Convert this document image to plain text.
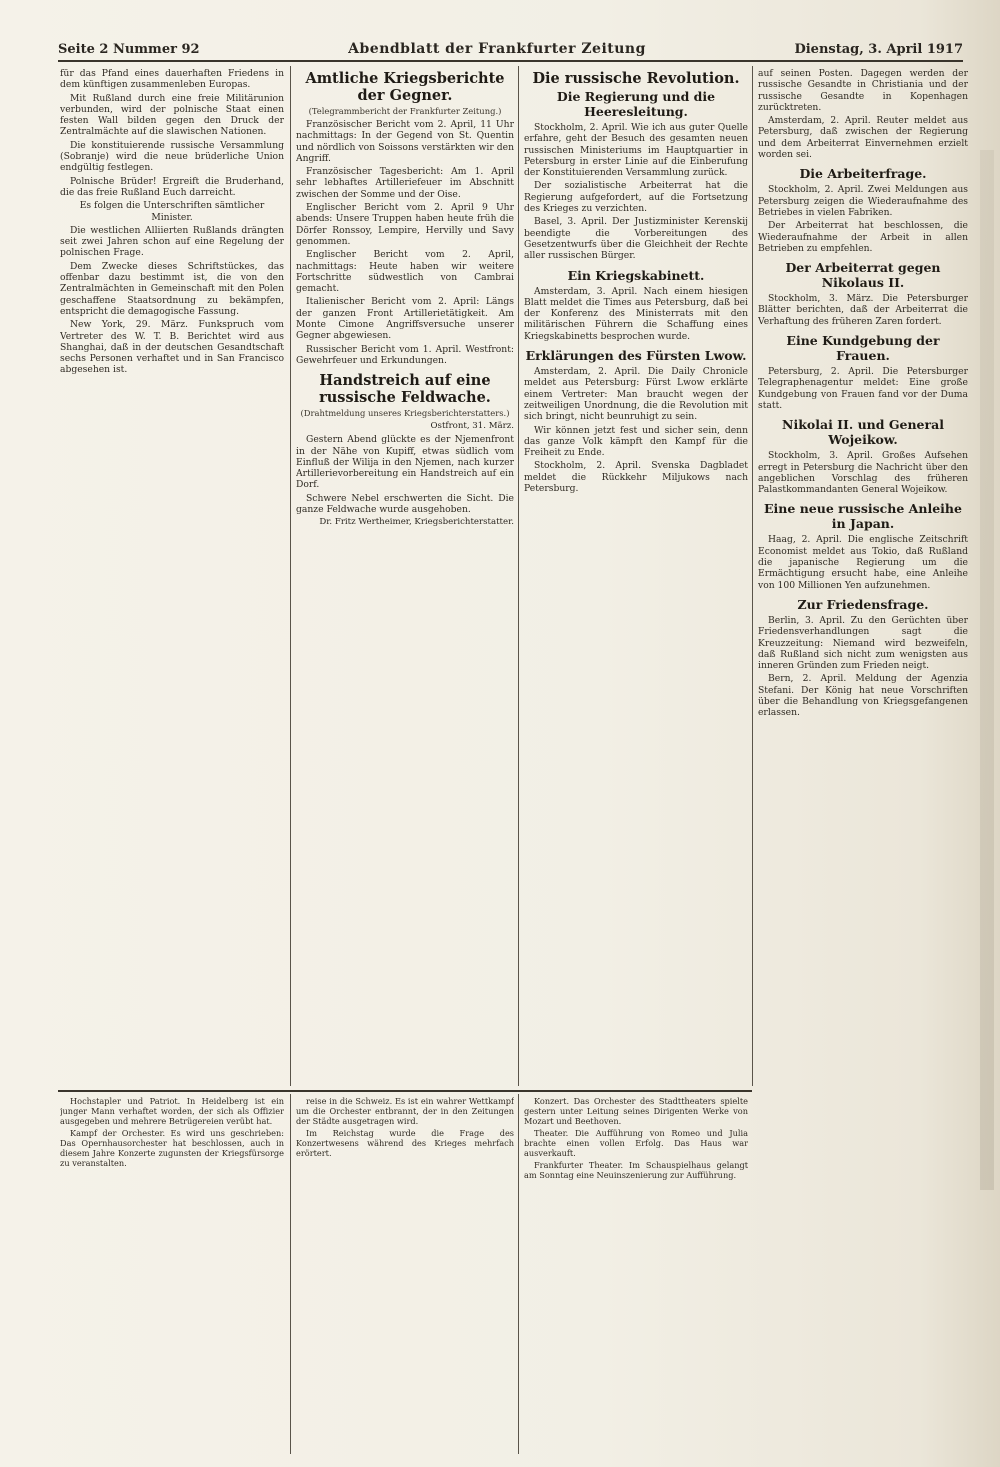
Seite 2 Nummer 92	Abendblatt der Frankfurter Zeitung	Dienstag, 3. April 1917

für das Pfand eines dauerhaften Friedens in dem künftigen zusammenleben Europas.

Mit Rußland durch eine freie Militärunion verbunden, wird der polnische Staat einen festen Wall bilden gegen den Druck der Zentralmächte auf die slawischen Nationen.

Die konstituierende russische Versammlung (Sobranje) wird die neue brüderliche Union endgültig festlegen.

Polnische Brüder! Ergreift die Bruderhand, die das freie Rußland Euch darreicht.

Es folgen die Unterschriften sämtlicher Minister.

Die westlichen Alliierten Rußlands drängten seit zwei Jahren schon auf eine Regelung der polnischen Frage.

Dem Zwecke dieses Schriftstückes, das offenbar dazu bestimmt ist, die von den Zentralmächten in Gemeinschaft mit den Polen geschaffene Staatsordnung zu bekämpfen, entspricht die demagogische Fassung.

New York, 29. März. Funkspruch vom Vertreter des W. T. B. Berichtet wird aus Shanghai, daß in der deutschen Gesandtschaft sechs Personen verhaftet und in San Francisco abgesehen ist.

Amtliche Kriegsberichte der Gegner.
(Telegrammbericht der Frankfurter Zeitung.)

Französischer Bericht vom 2. April, 11 Uhr nachmittags: In der Gegend von St. Quentin und nördlich von Soissons verstärkten wir den Angriff.

Französischer Tagesbericht: Am 1. April sehr lebhaftes Artilleriefeuer im Abschnitt zwischen der Somme und der Oise.

Englischer Bericht vom 2. April 9 Uhr abends: Unsere Truppen haben heute früh die Dörfer Ronssoy, Lempire, Hervilly und Savy genommen.

Englischer Bericht vom 2. April, nachmittags: Heute haben wir weitere Fortschritte südwestlich von Cambrai gemacht.

Italienischer Bericht vom 2. April: Längs der ganzen Front Artillerietätigkeit. Am Monte Cimone Angriffsversuche unserer Gegner abgewiesen.

Russischer Bericht vom 1. April. Westfront: Gewehrfeuer und Erkundungen.

Handstreich auf eine russische Feldwache.
(Drahtmeldung unseres Kriegsberichterstatters.)
Ostfront, 31. März.

Gestern Abend glückte es der Njemenfront in der Nähe von Kupiff, etwas südlich vom Einfluß der Wilija in den Njemen, nach kurzer Artillerievorbereitung ein Handstreich auf ein Dorf.

Schwere Nebel erschwerten die Sicht. Die ganze Feldwache wurde ausgehoben.

Dr. Fritz Wertheimer, Kriegsberichterstatter.
Die russische Revolution.
Die Regierung und die Heeresleitung.

Stockholm, 2. April. Wie ich aus guter Quelle erfahre, geht der Besuch des gesamten neuen russischen Ministeriums im Hauptquartier in Petersburg in erster Linie auf die Einberufung der Konstituierenden Versammlung zurück.

Der sozialistische Arbeiterrat hat die Regierung aufgefordert, auf die Fortsetzung des Krieges zu verzichten.

Basel, 3. April. Der Justizminister Kerenskij beendigte die Vorbereitungen des Gesetzentwurfs über die Gleichheit der Rechte aller russischen Bürger.

Ein Kriegskabinett.

Amsterdam, 3. April. Nach einem hiesigen Blatt meldet die Times aus Petersburg, daß bei der Konferenz des Ministerrats mit den militärischen Führern die Schaffung eines Kriegskabinetts besprochen wurde.

Erklärungen des Fürsten Lwow.

Amsterdam, 2. April. Die Daily Chronicle meldet aus Petersburg: Fürst Lwow erklärte einem Vertreter: Man braucht wegen der zeitweiligen Unordnung, die die Revolution mit sich bringt, nicht beunruhigt zu sein.

Wir können jetzt fest und sicher sein, denn das ganze Volk kämpft den Kampf für die Freiheit zu Ende.

Stockholm, 2. April. Svenska Dagbladet meldet die Rückkehr Miljukows nach Petersburg.

auf seinen Posten. Dagegen werden der russische Gesandte in Christiania und der russische Gesandte in Kopenhagen zurücktreten.

Amsterdam, 2. April. Reuter meldet aus Petersburg, daß zwischen der Regierung und dem Arbeiterrat Einvernehmen erzielt worden sei.

Die Arbeiterfrage.

Stockholm, 2. April. Zwei Meldungen aus Petersburg zeigen die Wiederaufnahme des Betriebes in vielen Fabriken.

Der Arbeiterrat hat beschlossen, die Wiederaufnahme der Arbeit in allen Betrieben zu empfehlen.

Der Arbeiterrat gegen Nikolaus II.

Stockholm, 3. März. Die Petersburger Blätter berichten, daß der Arbeiterrat die Verhaftung des früheren Zaren fordert.

Eine Kundgebung der Frauen.

Petersburg, 2. April. Die Petersburger Telegraphenagentur meldet: Eine große Kundgebung von Frauen fand vor der Duma statt.

Nikolai II. und General Wojeikow.

Stockholm, 3. April. Großes Aufsehen erregt in Petersburg die Nachricht über den angeblichen Vorschlag des früheren Palastkommandanten General Wojeikow.

Eine neue russische Anleihe in Japan.

Haag, 2. April. Die englische Zeitschrift Economist meldet aus Tokio, daß Rußland die japanische Regierung um die Ermächtigung ersucht habe, eine Anleihe von 100 Millionen Yen aufzunehmen.

Zur Friedensfrage.

Berlin, 3. April. Zu den Gerüchten über Friedensverhandlungen sagt die Kreuzzeitung: Niemand wird bezweifeln, daß Rußland sich nicht zum wenigsten aus inneren Gründen zum Frieden neigt.

Bern, 2. April. Meldung der Agenzia Stefani. Der König hat neue Vorschriften über die Behandlung von Kriegsgefangenen erlassen.

Hochstapler und Patriot. In Heidelberg ist ein junger Mann verhaftet worden, der sich als Offizier ausgegeben und mehrere Betrügereien verübt hat.

Kampf der Orchester. Es wird uns geschrieben: Das Opernhausorchester hat beschlossen, auch in diesem Jahre Konzerte zugunsten der Kriegsfürsorge zu veranstalten.

reise in die Schweiz. Es ist ein wahrer Wettkampf um die Orchester entbrannt, der in den Zeitungen der Städte ausgetragen wird.

Im Reichstag wurde die Frage des Konzertwesens während des Krieges mehrfach erörtert.

Konzert. Das Orchester des Stadttheaters spielte gestern unter Leitung seines Dirigenten Werke von Mozart und Beethoven.

Theater. Die Aufführung von Romeo und Julia brachte einen vollen Erfolg. Das Haus war ausverkauft.

Frankfurter Theater. Im Schauspielhaus gelangt am Sonntag eine Neuinszenierung zur Aufführung.
